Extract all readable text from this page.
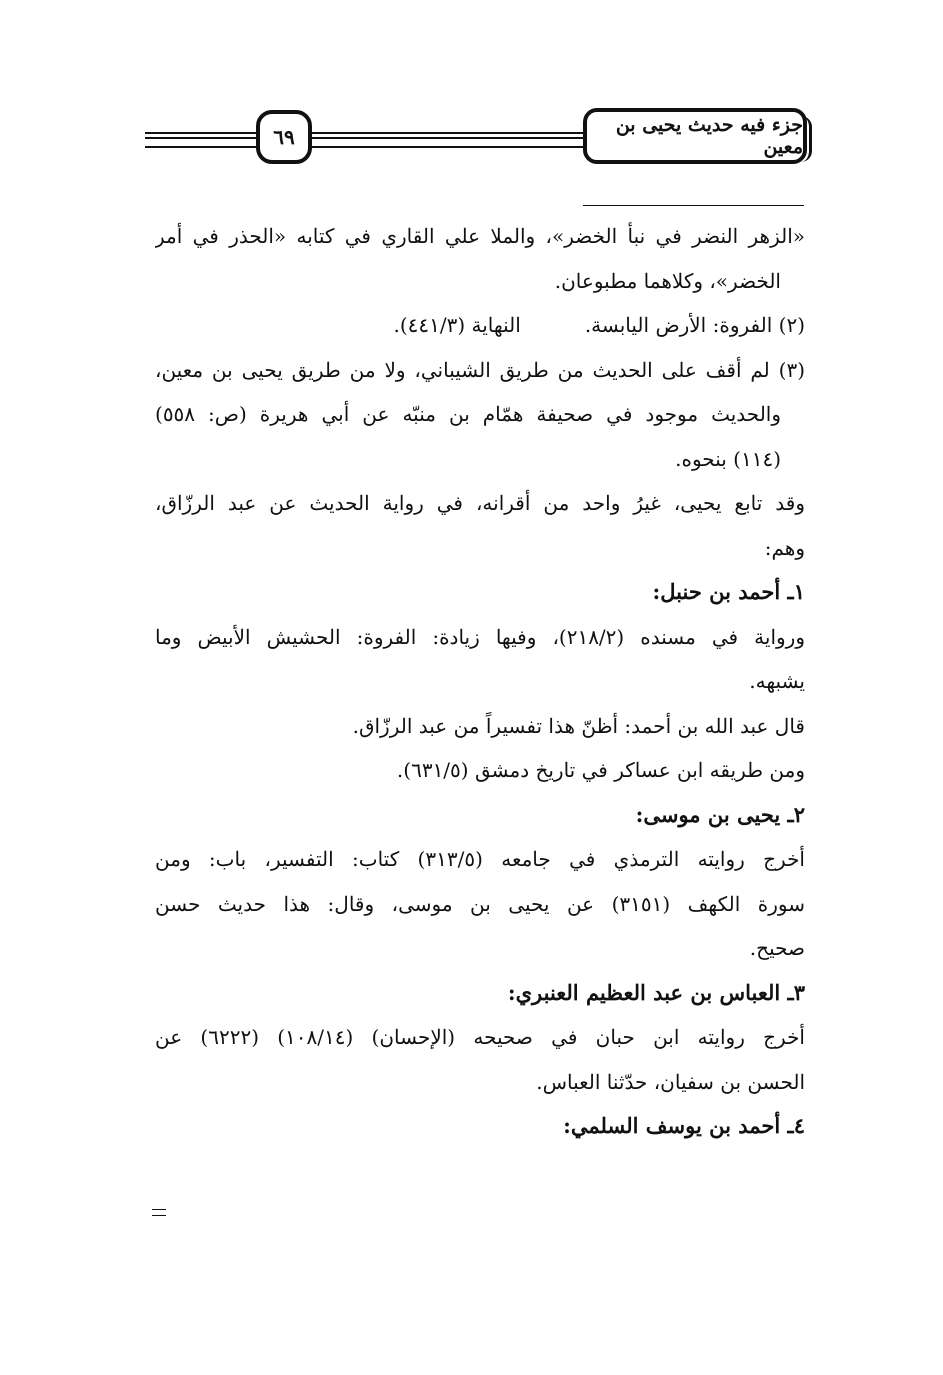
٦٩	جزء فيه حديث يحيى بن معين
«الزهر النضر في نبأ الخضر»، والملا علي القاري في كتابه «الحذر في أمر
الخضر»، وكلاهما مطبوعان.
(٢) الفروة: الأرض اليابسة.النهاية (٤٤١/٣).
(٣) لم أقف على الحديث من طريق الشيباني، ولا من طريق يحيى بن معين،
والحديث موجود في صحيفة همّام بن منبّه عن أبي هريرة (ص: ٥٥٨)
(١١٤) بنحوه.
وقد تابع يحيى، غيرُ واحد من أقرانه، في رواية الحديث عن عبد الرزّاق،
وهم:
١ـ أحمد بن حنبل:
ورواية في مسنده (٢١٨/٢)، وفيها زيادة: الفروة: الحشيش الأبيض وما
يشبهه.
قال عبد الله بن أحمد: أظنّ هذا تفسيراً من عبد الرزّاق.
ومن طريقه ابن عساكر في تاريخ دمشق (٦٣١/٥).
٢ـ يحيى بن موسى:
أخرج روايته الترمذي في جامعه (٣١٣/٥) كتاب: التفسير، باب: ومن
سورة الكهف (٣١٥١) عن يحيى بن موسى، وقال: هذا حديث حسن
صحيح.
٣ـ العباس بن عبد العظيم العنبري:
أخرج روايته ابن حبان في صحيحه (الإحسان) (١٠٨/١٤) (٦٢٢٢) عن
الحسن بن سفيان، حدّثنا العباس.
٤ـ أحمد بن يوسف السلمي:
